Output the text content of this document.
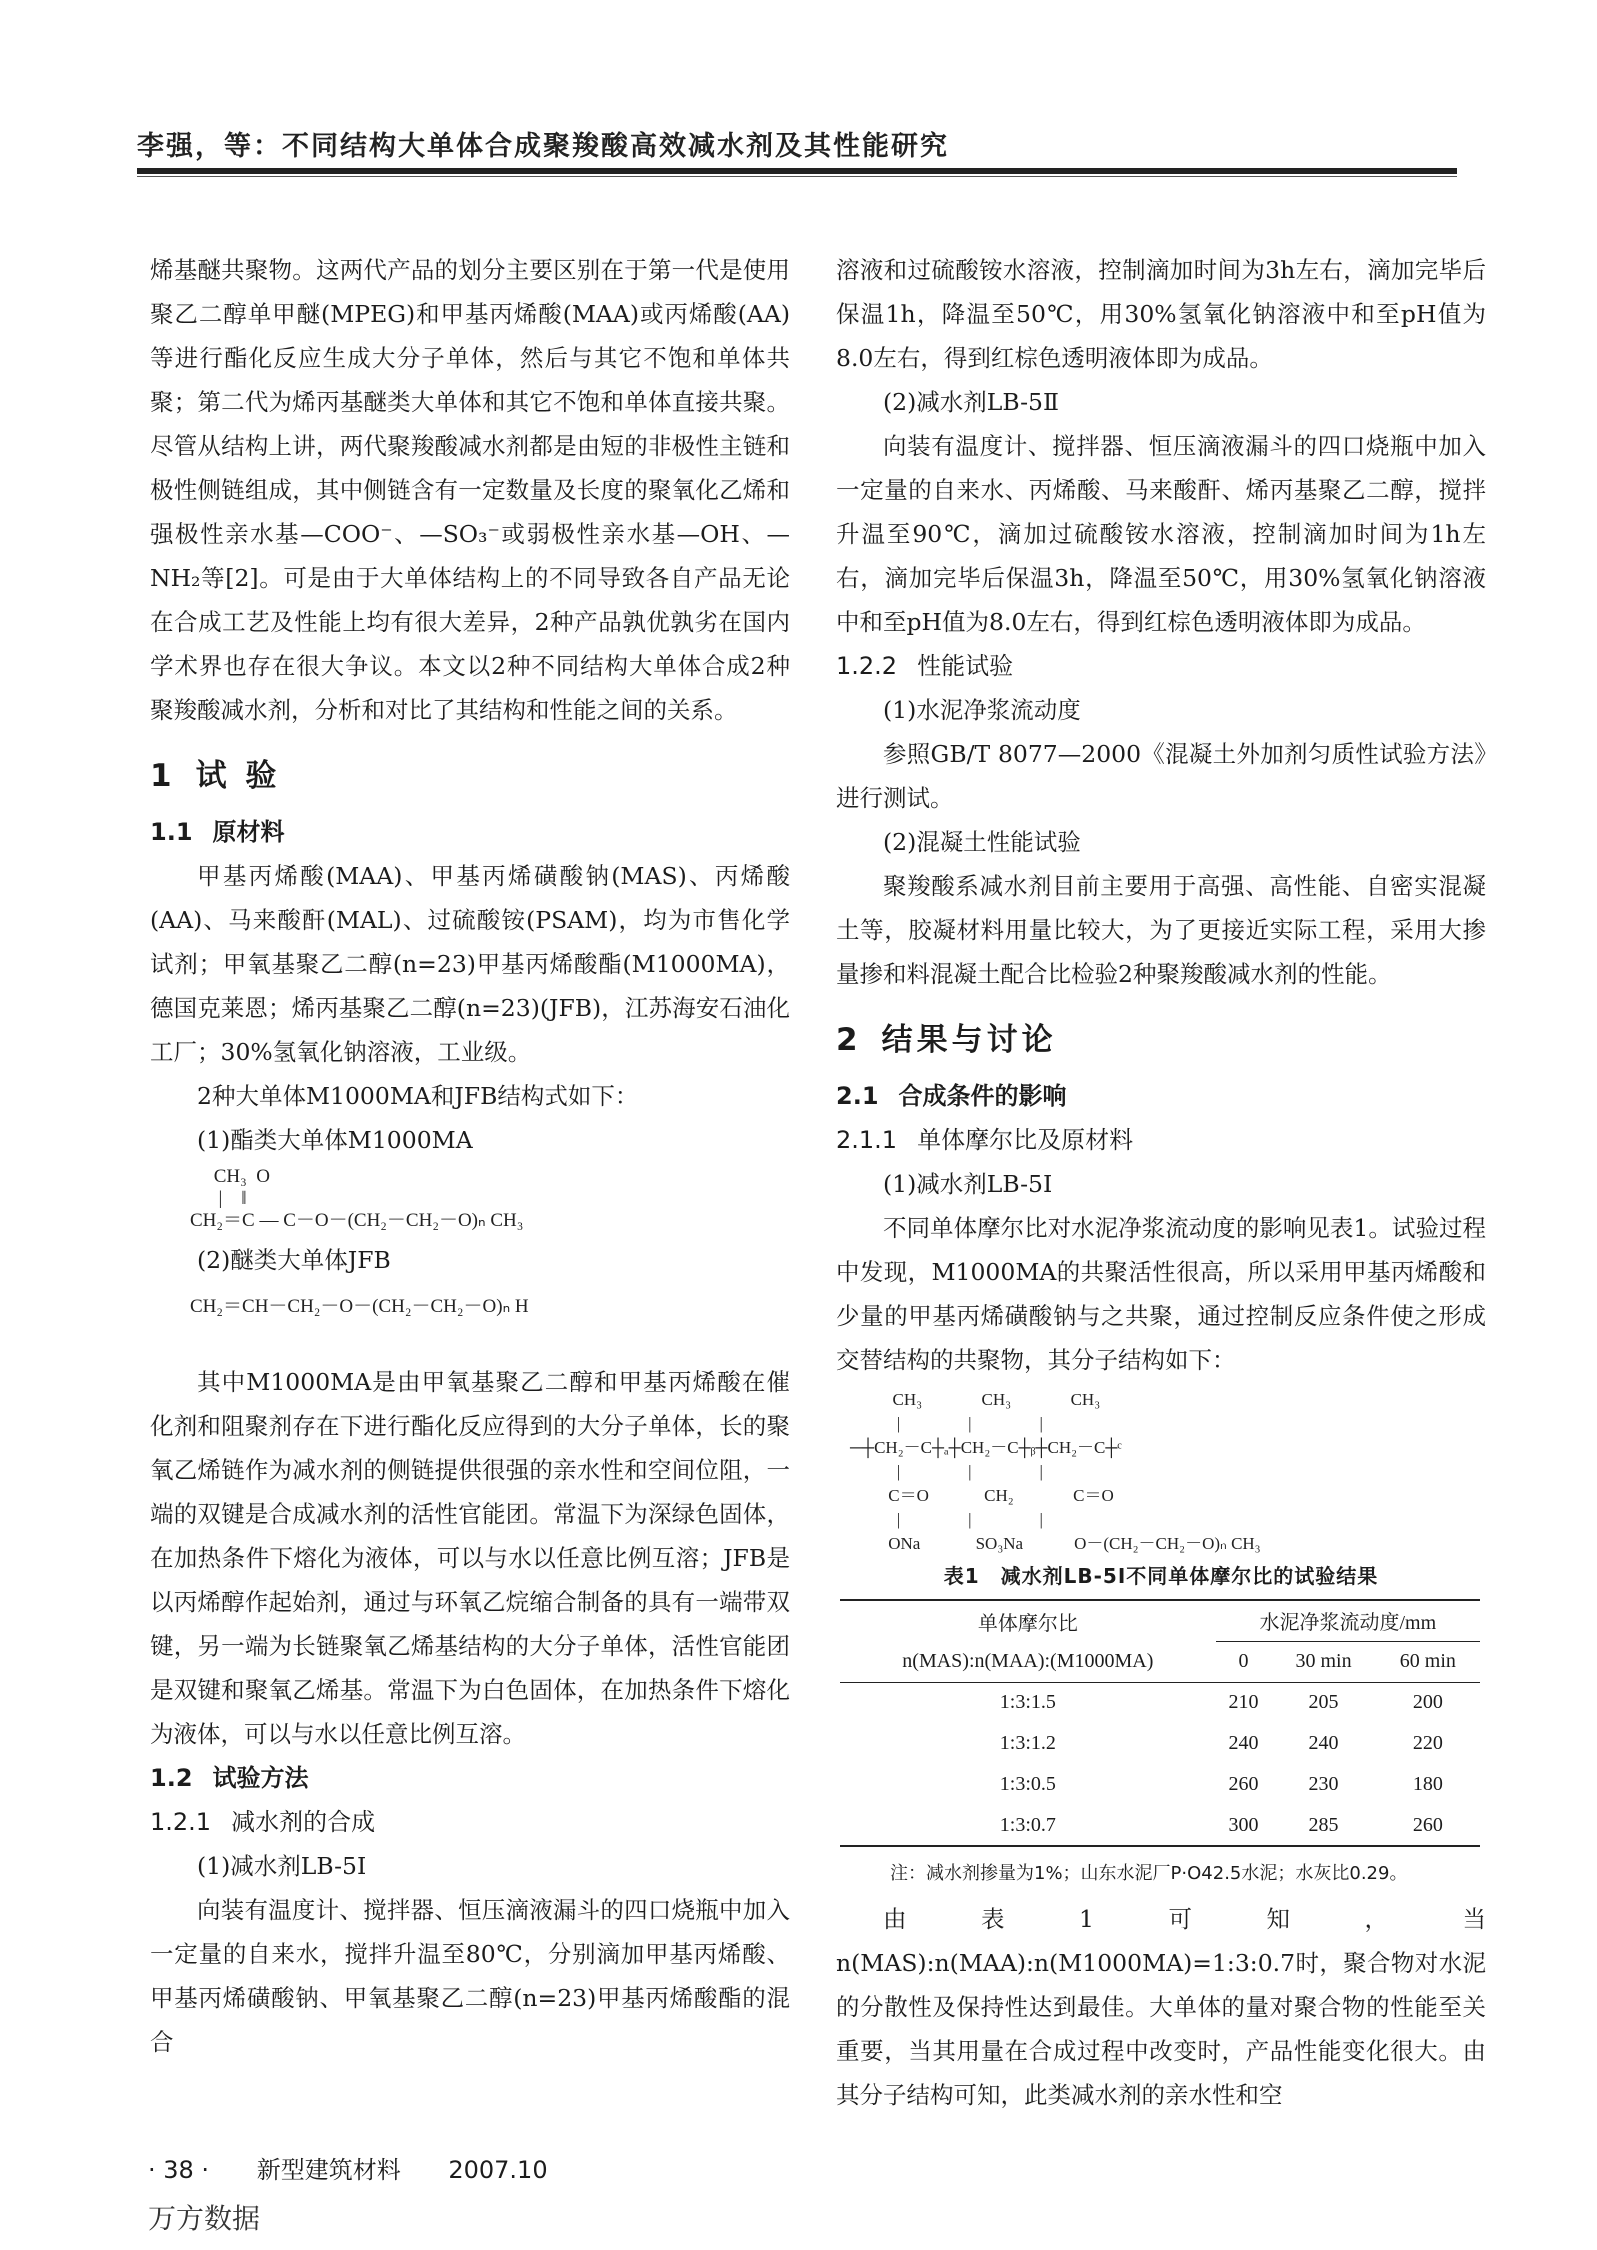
李强，等：不同结构大单体合成聚羧酸高效减水剂及其性能研究

烯基醚共聚物。这两代产品的划分主要区别在于第一代是使用聚乙二醇单甲醚(MPEG)和甲基丙烯酸(MAA)或丙烯酸(AA)等进行酯化反应生成大分子单体，然后与其它不饱和单体共聚；第二代为烯丙基醚类大单体和其它不饱和单体直接共聚。尽管从结构上讲，两代聚羧酸减水剂都是由短的非极性主链和极性侧链组成，其中侧链含有一定数量及长度的聚氧化乙烯和强极性亲水基—COO⁻、—SO₃⁻或弱极性亲水基—OH、—NH₂等[2]。可是由于大单体结构上的不同导致各自产品无论在合成工艺及性能上均有很大差异，2种产品孰优孰劣在国内学术界也存在很大争议。本文以2种不同结构大单体合成2种聚羧酸减水剂，分析和对比了其结构和性能之间的关系。

1 试 验
1.1 原材料

甲基丙烯酸(MAA)、甲基丙烯磺酸钠(MAS)、丙烯酸(AA)、马来酸酐(MAL)、过硫酸铵(PSAM)，均为市售化学试剂；甲氧基聚乙二醇(n=23)甲基丙烯酸酯(M1000MA)，德国克莱恩；烯丙基聚乙二醇(n=23)(JFB)，江苏海安石油化工厂；30%氢氧化钠溶液，工业级。

2种大单体M1000MA和JFB结构式如下：

(1)酯类大单体M1000MA
CH₃  O
|    ‖
CH₂＝C — C－O－(CH₂－CH₂－O)ₙ CH₃
(2)醚类大单体JFB
CH₂＝CH－CH₂－O－(CH₂－CH₂－O)ₙ H

其中M1000MA是由甲氧基聚乙二醇和甲基丙烯酸在催化剂和阻聚剂存在下进行酯化反应得到的大分子单体，长的聚氧乙烯链作为减水剂的侧链提供很强的亲水性和空间位阻，一端的双键是合成减水剂的活性官能团。常温下为深绿色固体，在加热条件下熔化为液体，可以与水以任意比例互溶；JFB是以丙烯醇作起始剂，通过与环氧乙烷缩合制备的具有一端带双键，另一端为长链聚氧乙烯基结构的大分子单体，活性官能团是双键和聚氧乙烯基。常温下为白色固体，在加热条件下熔化为液体，可以与水以任意比例互溶。

1.2 试验方法
1.2.1 减水剂的合成
(1)减水剂LB-5Ⅰ

向装有温度计、搅拌器、恒压滴液漏斗的四口烧瓶中加入一定量的自来水，搅拌升温至80℃，分别滴加甲基丙烯酸、甲基丙烯磺酸钠、甲氧基聚乙二醇(n=23)甲基丙烯酸酯的混合

溶液和过硫酸铵水溶液，控制滴加时间为3h左右，滴加完毕后保温1h，降温至50℃，用30%氢氧化钠溶液中和至pH值为8.0左右，得到红棕色透明液体即为成品。

(2)减水剂LB-5Ⅱ

向装有温度计、搅拌器、恒压滴液漏斗的四口烧瓶中加入一定量的自来水、丙烯酸、马来酸酐、烯丙基聚乙二醇，搅拌升温至90℃，滴加过硫酸铵水溶液，控制滴加时间为1h左右，滴加完毕后保温3h，降温至50℃，用30%氢氧化钠溶液中和至pH值为8.0左右，得到红棕色透明液体即为成品。

1.2.2 性能试验
(1)水泥净浆流动度

参照GB/T 8077—2000《混凝土外加剂匀质性试验方法》进行测试。

(2)混凝土性能试验

聚羧酸系减水剂目前主要用于高强、高性能、自密实混凝土等，胶凝材料用量比较大，为了更接近实际工程，采用大掺量掺和料混凝土配合比检验2种聚羧酸减水剂的性能。

2 结果与讨论
2.1 合成条件的影响
2.1.1 单体摩尔比及原材料
(1)减水剂LB-5Ⅰ

不同单体摩尔比对水泥净浆流动度的影响见表1。试验过程中发现，M1000MA的共聚活性很高，所以采用甲基丙烯酸和少量的甲基丙烯磺酸钠与之共聚，通过控制反应条件使之形成交替结构的共聚物，其分子结构如下：

CH₃              CH₃              CH₃
|                |                |
─┼CH₂－C┼ₐ┼CH₂－C┼ᵦ┼CH₂－C┼ᶜ
|                |                |
C＝O             CH₂              C＝O
|                |                |
ONa             SO₃Na            O－(CH₂－CH₂－O)ₙ CH₃
表1　减水剂LB-5Ⅰ不同单体摩尔比的试验结果
单体摩尔比	水泥净浆流动度/mm		
n(MAS):n(MAA):(M1000MA)	0	30 min	60 min
1:3:1.5	210	205	200
1:3:1.2	240	240	220
1:3:0.5	260	230	180
1:3:0.7	300	285	260
注：减水剂掺量为1%；山东水泥厂P·O42.5水泥；水灰比0.29。

由表1可知，当n(MAS):n(MAA):n(M1000MA)=1:3:0.7时，聚合物对水泥的分散性及保持性达到最佳。大单体的量对聚合物的性能至关重要，当其用量在合成过程中改变时，产品性能变化很大。由其分子结构可知，此类减水剂的亲水性和空

· 38 · 新型建筑材料 2007.10
万方数据
